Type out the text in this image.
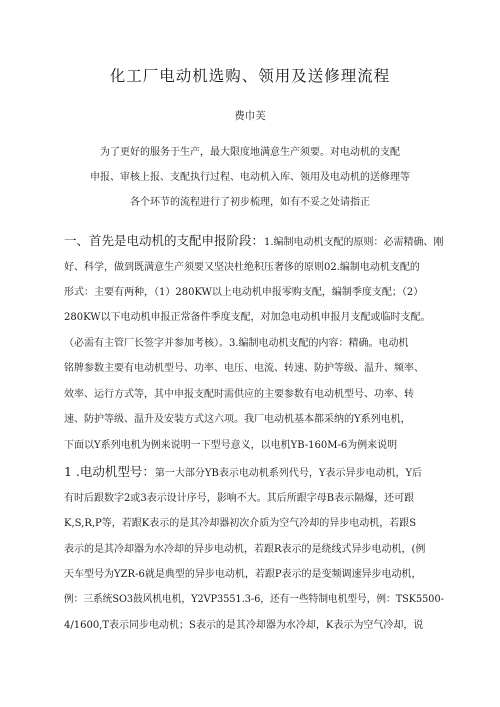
化工厂电动机选购、领用及送修理流程
费巾芙
为了更好的服务于生产，最大限度地满意生产须要。对电动机的支配
申报、审核上报、支配执行过程、电动机入库、领用及电动机的送修理等
各个环节的流程进行了初步梳理，如有不妥之处请指正
一、首先是电动机的支配申报阶段：1.编制电动机支配的原则：必需精确、刚
好、科学，做到既满意生产须要又坚决杜绝积压奢侈的原则02.编制电动机支配的
形式：主要有两种，（1）280KW以上电动机申报零购支配，编制季度支配；（2）
280KW以下电动机申报正常备件季度支配，对加急电动机申报月支配或临时支配。
（必需有主管厂长签字并参加考核）。3.编制电动机支配的内容：精确。电动机
铭牌参数主要有电动机型号、功率、电压、电流、转速、防护等级、温升、频率、
效率、运行方式等，其中申报支配时需供应的主要参数有电动机型号、功率、转
速、防护等级、温升及安装方式这六项。我厂电动机基本都采纳的Y系列电机，
下面以Y系列电机为例来说明一下型号意义，以电机YB-160M-6为例来说明
1 .电动机型号：第一大部分YB表示电动机系列代号，Y表示异步电动机，Y后
有时后跟数字2或3表示设计序号，影响不大。其后所跟字母B表示隔爆，还可跟
K,S,R,P等，若跟K表示的是其冷却器初次介质为空气冷却的异步电动机，若跟S
表示的是其冷却器为水冷却的异步电动机，若跟R表示的是绕线式异步电动机，(例
天车型号为YZR-6就是典型的异步电动机，若跟P表示的是变频调速异步电动机，
例：三系统SO3鼓风机电机，Y2VP3551.3-6，还有一些特制电机型号，例：TSK5500-
4/1600,T表示同步电动机；S表示的是其冷却器为水冷却，K表示为空气冷却，说
